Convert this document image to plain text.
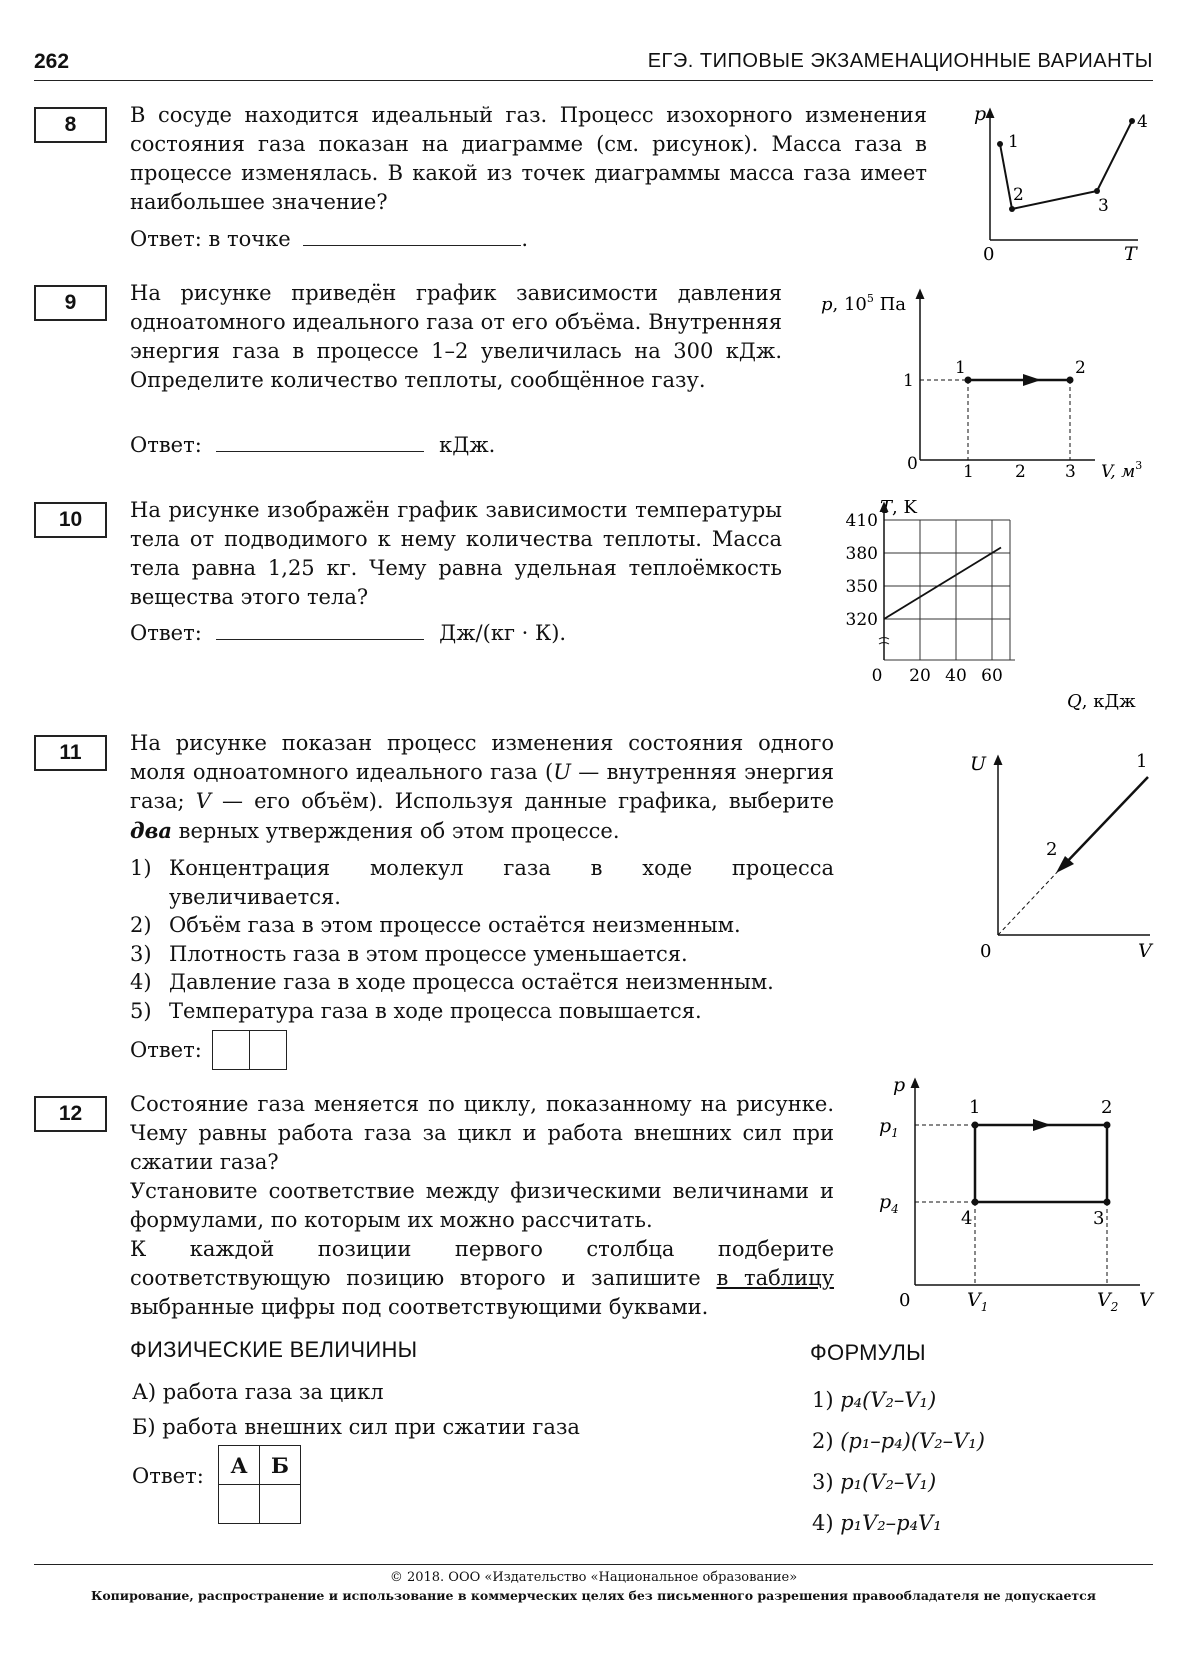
262	ЕГЭ. ТИПОВЫЕ ЭКЗАМЕНАЦИОННЫЕ ВАРИАНТЫ
8	В сосуде находится идеальный газ. Процесс изохорного изменения состояния газа показан на диаграмме (см. рисунок). Масса газа в процессе изменялась. В какой из точек диаграммы масса газа имеет наибольшее значение?
Ответ: в точке	.
p
T
0
1
2
3
4
9	На рисунке приведён график зависимости давления одноатомного идеального газа от его объёма. Внутренняя энергия газа в процессе 1–2 увеличилась на 300 кДж. Определите количество теплоты, сообщённое газу.
Ответ:	кДж.
p, $10^5$ Па
1	2
1
0	1 2 3 V, $м^3$
10	На рисунке изображён график зависимости температуры тела от подводимого к нему количества теплоты. Масса тела равна 1,25 кг. Чему равна удельная теплоёмкость вещества этого тела?
Ответ:	Дж/(кг · К).
T, K
320
350
380
410
0 20 40 60
Q, кДж
11	На рисунке показан процесс изменения состояния одного моля одноатомного идеального газа (U — внутренняя энергия газа; V — его объём). Используя данные графика, выберите два верных утверждения об этом процессе.
1) Концентрация молекул газа в ходе процесса увеличивается.
2) Объём газа в этом процессе остаётся неизменным.
3) Плотность газа в этом процессе уменьшается.
4) Давление газа в ходе процесса остаётся неизменным.
5) Температура газа в ходе процесса повышается.
Ответ:
U
V
0
1
2
12	Состояние газа меняется по циклу, показанному на рисунке. Чему равны работа газа за цикл и работа внешних сил при сжатии газа?
Установите соответствие между физическими величинами и формулами, по которым их можно рассчитать.
К каждой позиции первого столбца подберите соответствующую позицию второго и запишите в таблицу выбранные цифры под соответствующими буквами.
ФИЗИЧЕСКИЕ ВЕЛИЧИНЫ
А) работа газа за цикл
Б) работа внешних сил при сжатии газа
ФОРМУЛЫ
1) p₄(V₂–V₁)
2) (p₁–p₄)(V₂–V₁)
3) p₁(V₂–V₁)
4) p₁V₂–p₄V₁
Ответ: А	Б

p
V
0
1	2
3
4
$p_1$
$p_4$
$V_1$	$V_2$
© 2018. ООО «Издательство «Национальное образование»
Копирование, распространение и использование в коммерческих целях без письменного разрешения правообладателя не допускается
